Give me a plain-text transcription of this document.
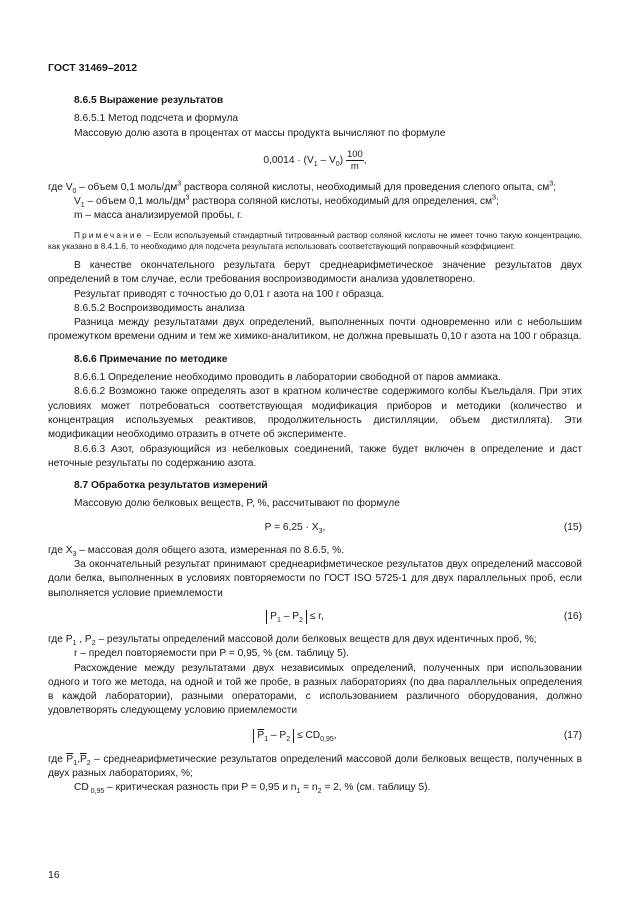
ГОСТ 31469–2012

8.6.5 Выражение результатов

8.6.5.1 Метод подсчета и формула

Массовую долю азота в процентах от массы продукта вычисляют по формуле

$0,0014 \cdot (V_1 - V_0) \frac{100}{m}$ ,

где $V_0$ – объем 0,1 моль/$дм^3$ раствора соляной кислоты, необходимый для проведения слепого опыта, $см^3$;

$V_1$ – объем 0,1 моль/$дм^3$ раствора соляной кислоты, необходимый для определения, $см^3$;

m – масса анализируемой пробы, г.

Примечание – Если используемый стандартный титрованный раствор соляной кислоты не имеет точно такую концентрацию, как указано в 8.4.1.6, то необходимо для подсчета результата использовать соответствующий поправочный коэффициент.

В качестве окончательного результата берут среднеарифметическое значение результатов двух определений в том случае, если требования воспроизводимости анализа удовлетворено.

Результат приводят с точностью до 0,01 г азота на 100 г образца.

8.6.5.2 Воспроизводимость анализа

Разница между результатами двух определений, выполненных почти одновременно или с небольшим промежутком времени одним и тем же химико-аналитиком, не должна превышать 0,10 г азота на 100 г образца.

8.6.6 Примечание по методике

8.6.6.1 Определение необходимо проводить в лаборатории свободной от паров аммиака.

8.6.6.2 Возможно также определять азот в кратном количестве содержимого колбы Къельдаля. При этих условиях может потребоваться соответствующая модификация приборов и методики (количество и концентрация используемых реактивов, продолжительность дистилляции, объем дистиллята). Эти модификации необходимо отразить в отчете об эксперименте.

8.6.6.3 Азот, образующийся из небелковых соединений, также будет включен в определение и даст неточные результаты по содержанию азота.

8.7 Обработка результатов измерений

Массовую долю белковых веществ, P, %, рассчитывают по формуле

$P = 6,25 \cdot X_3$,	(15)

где $X_3$ – массовая доля общего азота, измеренная по 8.6.5, %.

За окончательный результат принимают среднеарифметическое результатов двух определений массовой доли белка, выполненных в условиях повторяемости по ГОСТ ISO 5725-1 для двух параллельных проб, если выполняется условие приемлемости

$P_1 - P_2 \le r$,	(16)

где $P_1$ , $P_2$ – результаты определений массовой доли белковых веществ для двух идентичных проб, %;

r – предел повторяемости при P = 0,95, % (см. таблицу 5).

Расхождение между результатами двух независимых определений, полученных при использовании одного и того же метода, на одной и той же пробе, в разных лабораториях (по два параллельных определения в каждой лаборатории), разными операторами, с использованием различного оборудования, должно удовлетворять следующему условию приемлемости

$\overline{P}_1 - P_2 \le CD_{0,95}$,	(17)

где $\overline{P}_1,\overline{P}_2$ – среднеарифметические результатов определений массовой доли белковых веществ, полученных в двух разных лабораториях, %;

CD $_{0,95}$ – критическая разность при P = 0,95 и $n_1 = n_2 = 2$, % (см. таблицу 5).

16
